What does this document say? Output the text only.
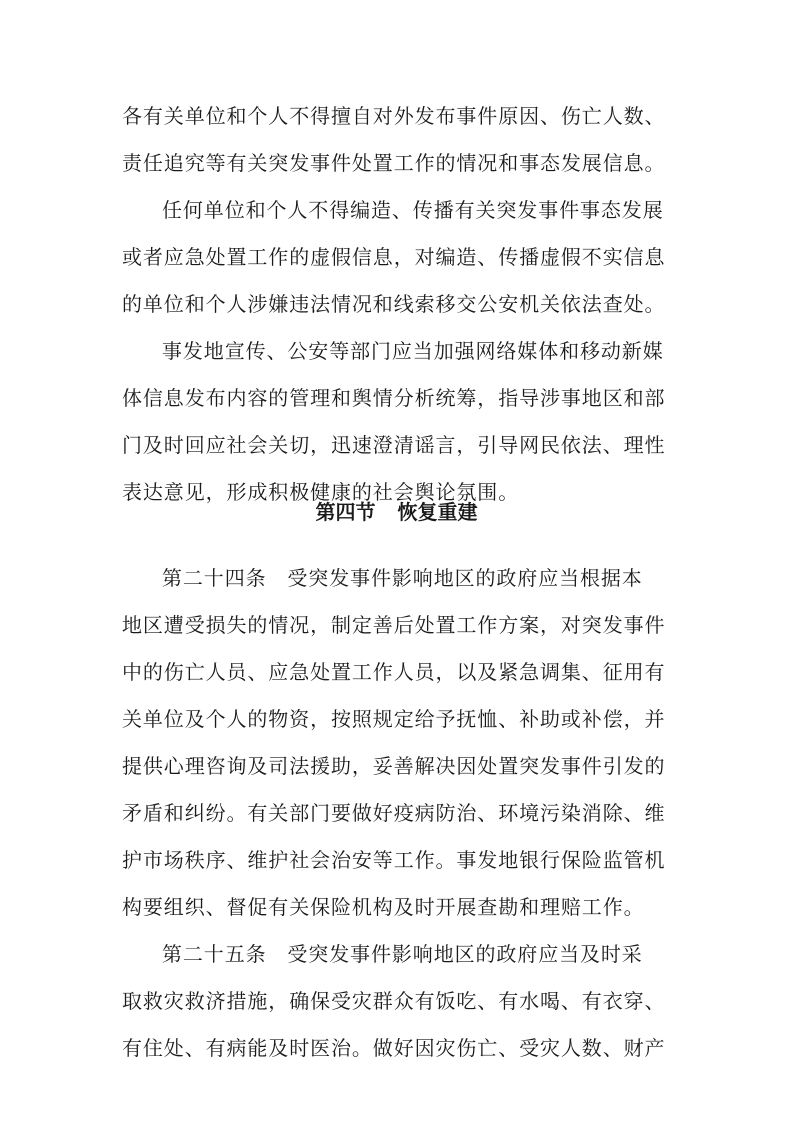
各有关单位和个人不得擅自对外发布事件原因、伤亡人数、
责任追究等有关突发事件处置工作的情况和事态发展信息。
任何单位和个人不得编造、传播有关突发事件事态发展
或者应急处置工作的虚假信息，对编造、传播虚假不实信息
的单位和个人涉嫌违法情况和线索移交公安机关依法查处。
事发地宣传、公安等部门应当加强网络媒体和移动新媒
体信息发布内容的管理和舆情分析统筹，指导涉事地区和部
门及时回应社会关切，迅速澄清谣言，引导网民依法、理性
表达意见，形成积极健康的社会舆论氛围。
第四节 恢复重建
第二十四条　受突发事件影响地区的政府应当根据本
地区遭受损失的情况，制定善后处置工作方案，对突发事件
中的伤亡人员、应急处置工作人员，以及紧急调集、征用有
关单位及个人的物资，按照规定给予抚恤、补助或补偿，并
提供心理咨询及司法援助，妥善解决因处置突发事件引发的
矛盾和纠纷。有关部门要做好疫病防治、环境污染消除、维
护市场秩序、维护社会治安等工作。事发地银行保险监管机
构要组织、督促有关保险机构及时开展查勘和理赔工作。
第二十五条　受突发事件影响地区的政府应当及时采
取救灾救济措施，确保受灾群众有饭吃、有水喝、有衣穿、
有住处、有病能及时医治。做好因灾伤亡、受灾人数、财产
